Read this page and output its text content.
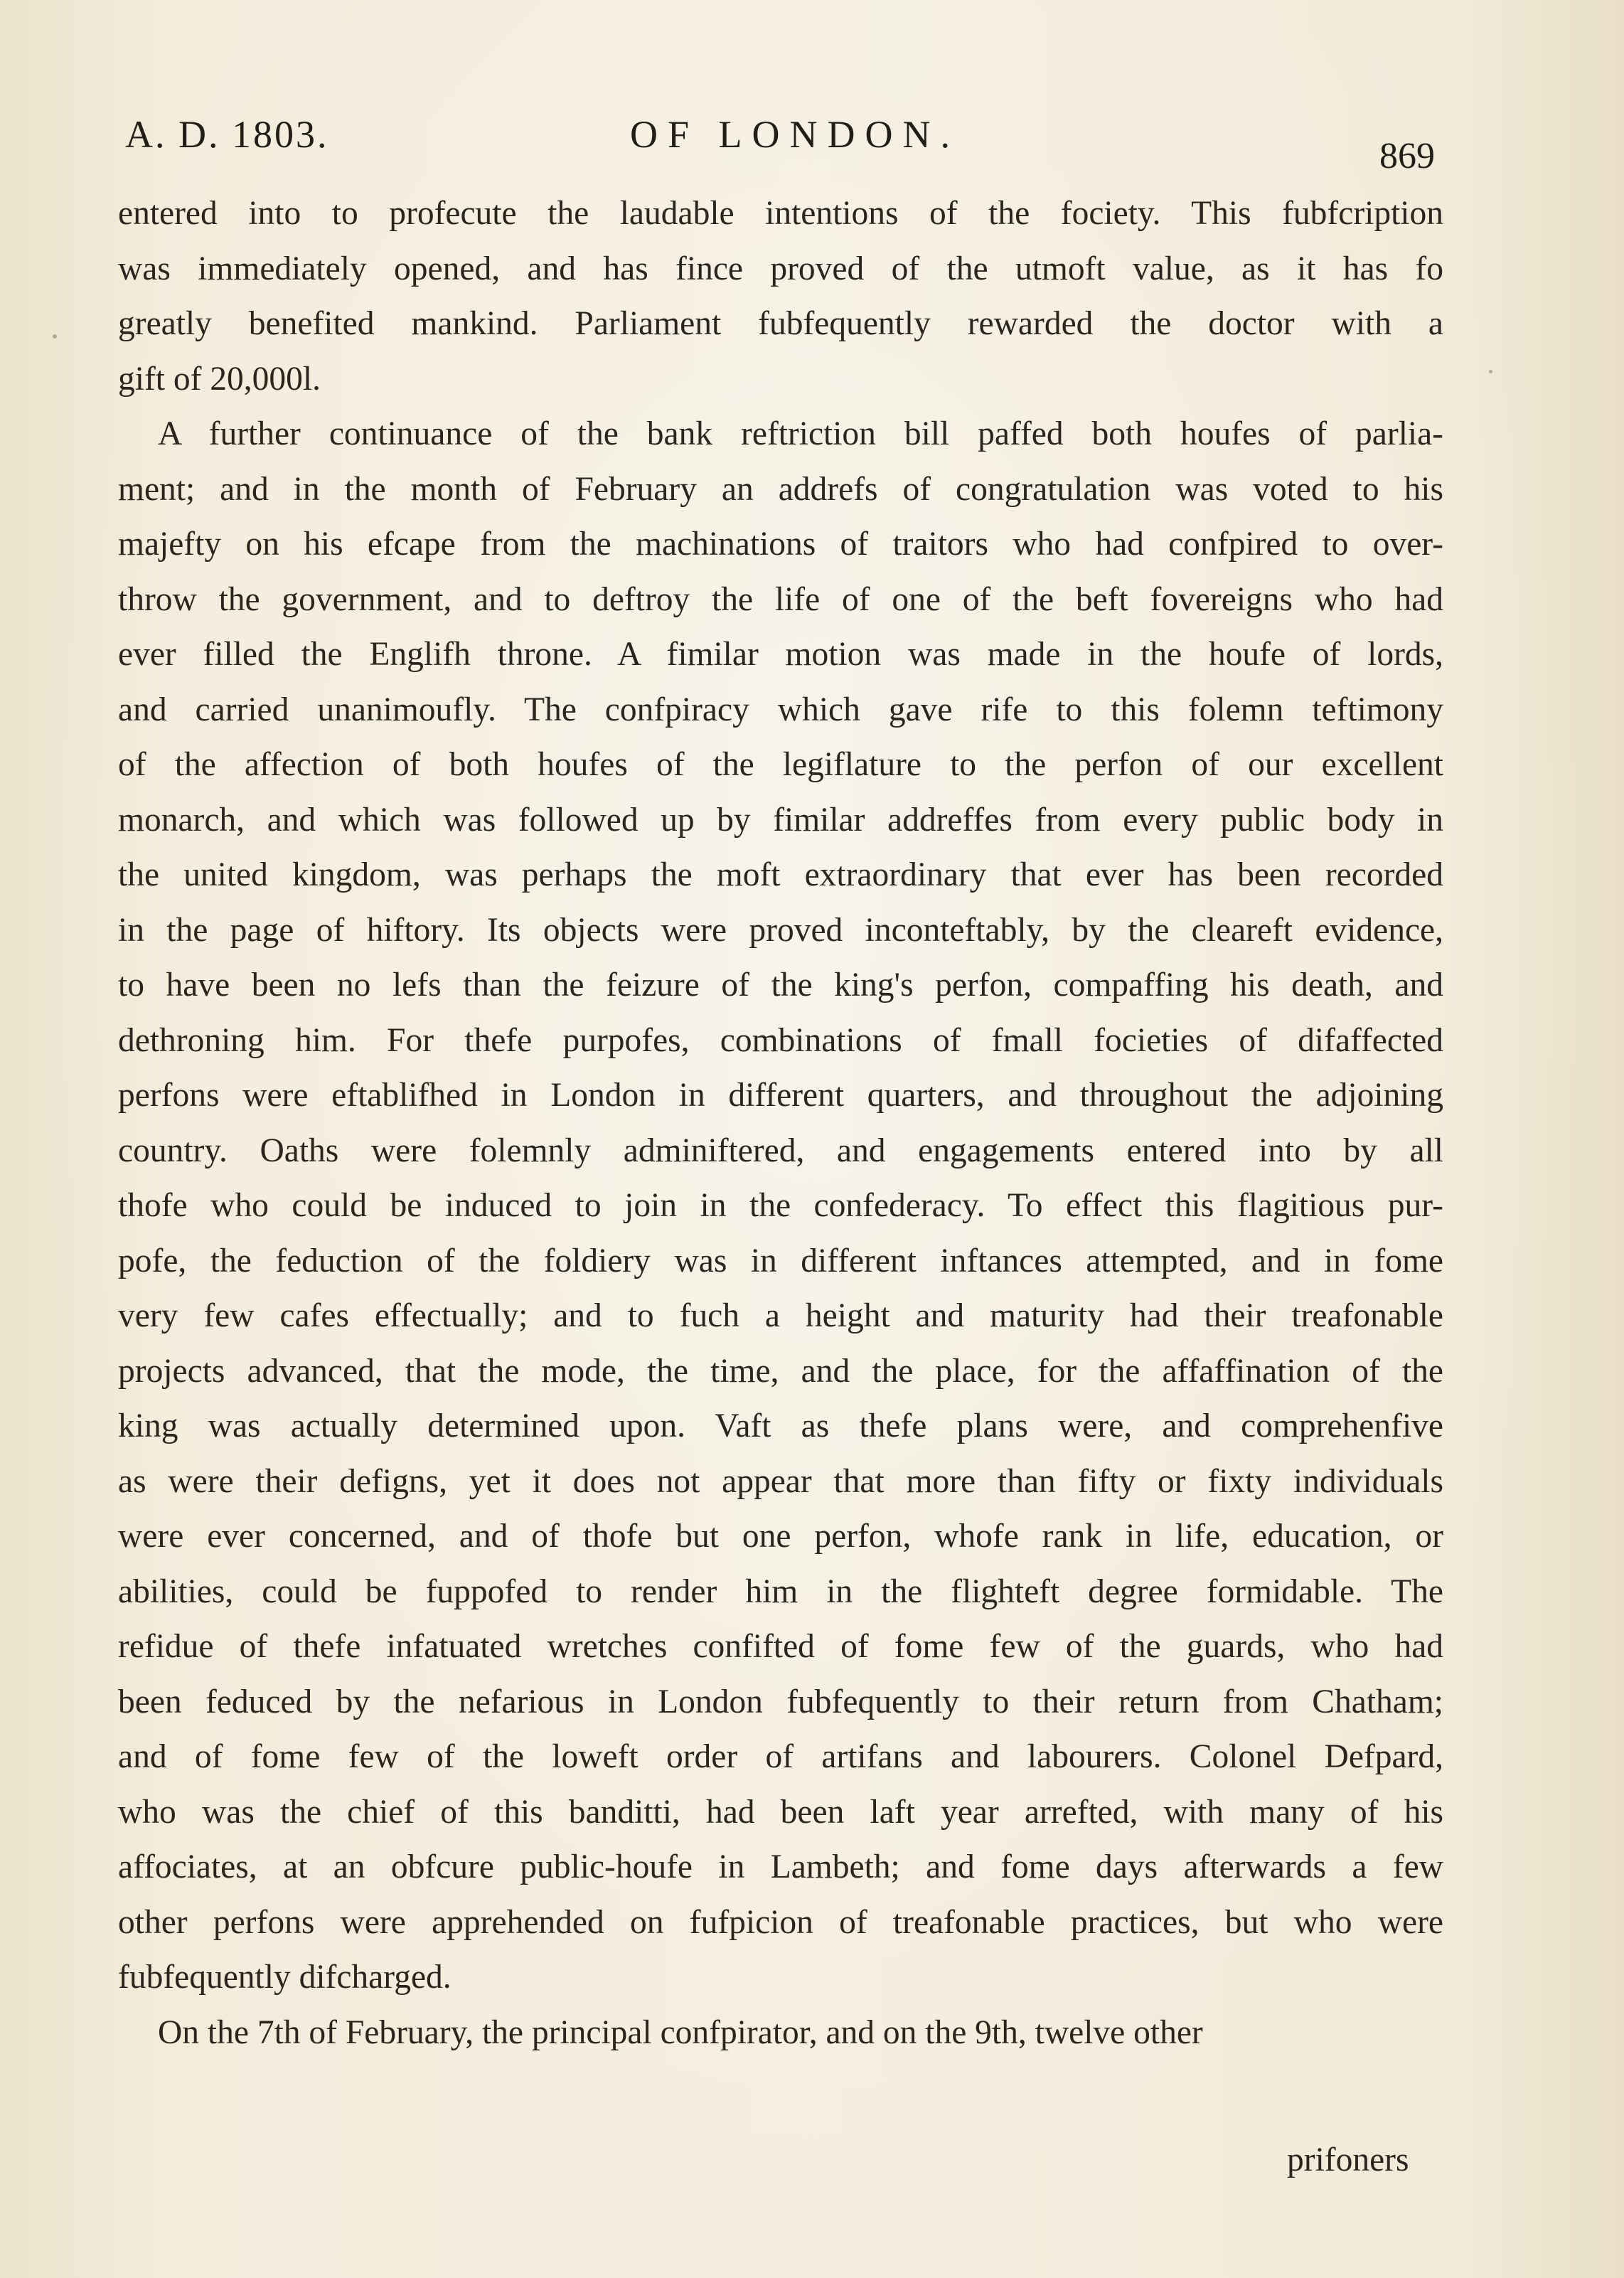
A. D. 1803.	OF LONDON.
869
entered into to profecute the laudable intentions of the fociety. This fubfcription
was immediately opened, and has fince proved of the utmoft value, as it has fo
greatly benefited mankind. Parliament fubfequently rewarded the doctor with a
gift of 20,000l.
A further continuance of the bank reftriction bill paffed both houfes of parlia-
ment; and in the month of February an addrefs of congratulation was voted to his
majefty on his efcape from the machinations of traitors who had confpired to over-
throw the government, and to deftroy the life of one of the beft fovereigns who had
ever filled the Englifh throne. A fimilar motion was made in the houfe of lords,
and carried unanimoufly. The confpiracy which gave rife to this folemn teftimony
of the affection of both houfes of the legiflature to the perfon of our excellent
monarch, and which was followed up by fimilar addreffes from every public body in
the united kingdom, was perhaps the moft extraordinary that ever has been recorded
in the page of hiftory. Its objects were proved inconteftably, by the cleareft evidence,
to have been no lefs than the feizure of the king's perfon, compaffing his death, and
dethroning him. For thefe purpofes, combinations of fmall focieties of difaffected
perfons were eftablifhed in London in different quarters, and throughout the adjoining
country. Oaths were folemnly adminiftered, and engagements entered into by all
thofe who could be induced to join in the confederacy. To effect this flagitious pur-
pofe, the feduction of the foldiery was in different inftances attempted, and in fome
very few cafes effectually; and to fuch a height and maturity had their treafonable
projects advanced, that the mode, the time, and the place, for the affaffination of the
king was actually determined upon. Vaft as thefe plans were, and comprehenfive
as were their defigns, yet it does not appear that more than fifty or fixty individuals
were ever concerned, and of thofe but one perfon, whofe rank in life, education, or
abilities, could be fuppofed to render him in the flighteft degree formidable. The
refidue of thefe infatuated wretches confifted of fome few of the guards, who had
been feduced by the nefarious in London fubfequently to their return from Chatham;
and of fome few of the loweft order of artifans and labourers. Colonel Defpard,
who was the chief of this banditti, had been laft year arrefted, with many of his
affociates, at an obfcure public-houfe in Lambeth; and fome days afterwards a few
other perfons were apprehended on fufpicion of treafonable practices, but who were
fubfequently difcharged.
On the 7th of February, the principal confpirator, and on the 9th, twelve other
prifoners
